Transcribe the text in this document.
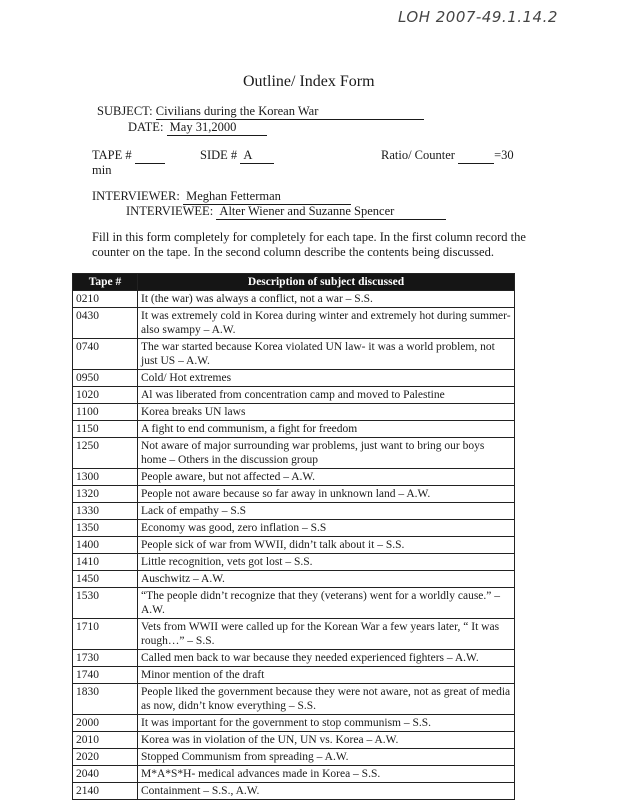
LOH 2007-49.1.14.2
Outline/ Index Form
SUBJECT: Civilians during the Korean War
DATE: May 31,2000
TAPE #
min
SIDE # A	Ratio/ Counter	=30
INTERVIEWER: Meghan Fetterman
INTERVIEWEE: Alter Wiener and Suzanne Spencer
Fill in this form completely for completely for each tape. In the first column record the counter on the tape. In the second column describe the contents being discussed.
Tape #	Description of subject discussed
0210	It (the war) was always a conflict, not a war – S.S.
0430	It was extremely cold in Korea during winter and extremely hot during summer- also swampy – A.W.
0740	The war started because Korea violated UN law- it was a world problem, not just US – A.W.
0950	Cold/ Hot extremes
1020	Al was liberated from concentration camp and moved to Palestine
1100	Korea breaks UN laws
1150	A fight to end communism, a fight for freedom
1250	Not aware of major surrounding war problems, just want to bring our boys home – Others in the discussion group
1300	People aware, but not affected – A.W.
1320	People not aware because so far away in unknown land – A.W.
1330	Lack of empathy – S.S
1350	Economy was good, zero inflation – S.S
1400	People sick of war from WWII, didn’t talk about it – S.S.
1410	Little recognition, vets got lost – S.S.
1450	Auschwitz – A.W.
1530	“The people didn’t recognize that they (veterans) went for a worldly cause.” – A.W.
1710	Vets from WWII were called up for the Korean War a few years later, “ It was rough…” – S.S.
1730	Called men back to war because they needed experienced fighters – A.W.
1740	Minor mention of the draft
1830	People liked the government because they were not aware, not as great of media as now, didn’t know everything – S.S.
2000	It was important for the government to stop communism – S.S.
2010	Korea was in violation of the UN, UN vs. Korea – A.W.
2020	Stopped Communism from spreading – A.W.
2040	M*A*S*H- medical advances made in Korea – S.S.
2140	Containment – S.S., A.W.
